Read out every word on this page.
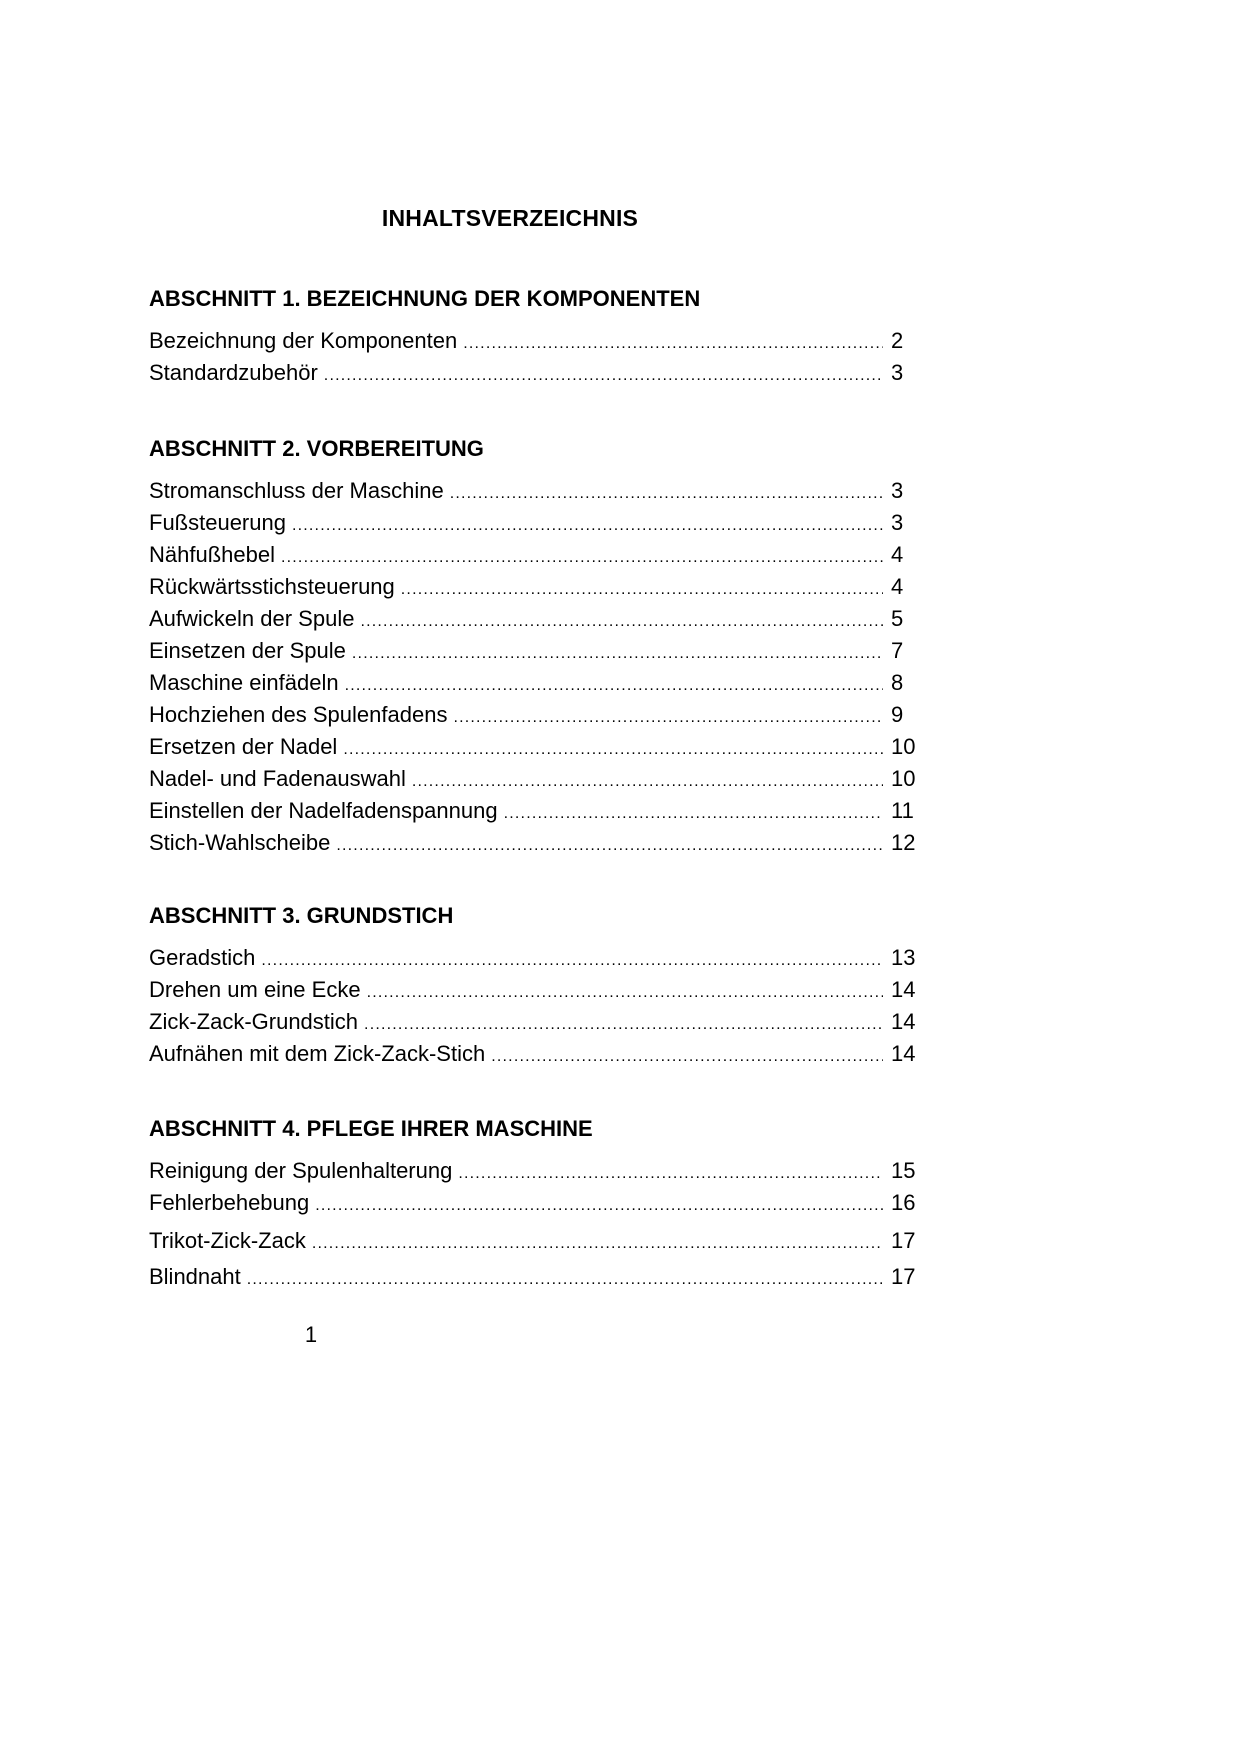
INHALTSVERZEICHNIS
ABSCHNITT 1. BEZEICHNUNG DER KOMPONENTEN
Bezeichnung der Komponenten .....	2
Standardzubehör .....	3
ABSCHNITT 2. VORBEREITUNG
Stromanschluss der Maschine .....	3
Fußsteuerung .....	3
Nähfußhebel .....	4
Rückwärtsstichsteuerung .....	4
Aufwickeln der Spule .....	5
Einsetzen der Spule .....	7
Maschine einfädeln .....	8
Hochziehen des Spulenfadens .....	9
Ersetzen der Nadel .....	10
Nadel- und Fadenauswahl .....	10
Einstellen der Nadelfadenspannung .....	11
Stich-Wahlscheibe .....	12
ABSCHNITT 3. GRUNDSTICH
Geradstich .....	13
Drehen um eine Ecke .....	14
Zick-Zack-Grundstich .....	14
Aufnähen mit dem Zick-Zack-Stich .....	14
ABSCHNITT 4. PFLEGE IHRER MASCHINE
Reinigung der Spulenhalterung .....	15
Fehlerbehebung .....	16
Trikot-Zick-Zack .....	17
Blindnaht .....	17
1
